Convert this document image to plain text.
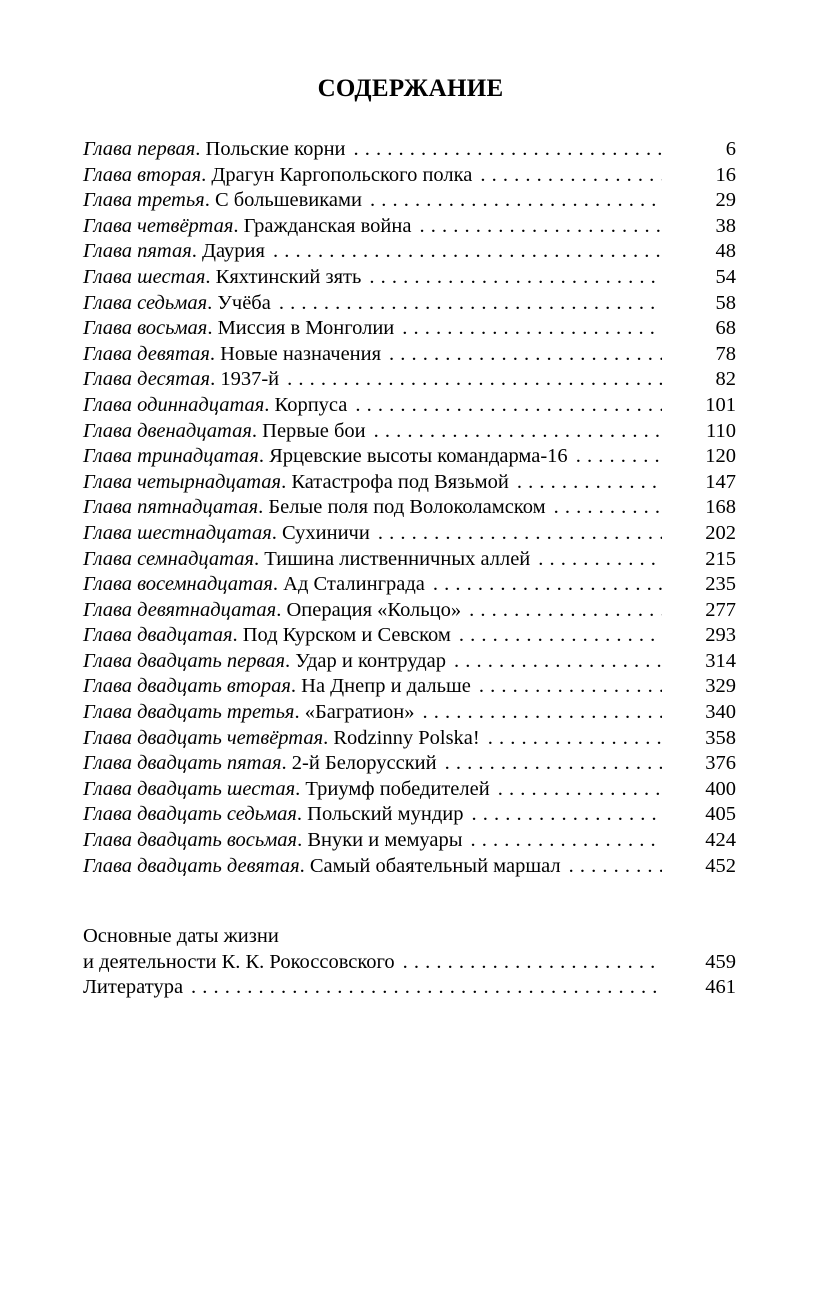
СОДЕРЖАНИЕ
Глава первая. Польские корни . . .	6
Глава вторая. Драгун Каргопольского полка . . .	16
Глава третья. С большевиками . . .	29
Глава четвёртая. Гражданская война . . .	38
Глава пятая. Даурия . . .	48
Глава шестая. Кяхтинский зять . . .	54
Глава седьмая. Учёба . . .	58
Глава восьмая. Миссия в Монголии . . .	68
Глава девятая. Новые назначения . . .	78
Глава десятая. 1937-й . . .	82
Глава одиннадцатая. Корпуса . . .	101
Глава двенадцатая. Первые бои . . .	110
Глава тринадцатая. Ярцевские высоты командарма-16 . . .	120
Глава четырнадцатая. Катастрофа под Вязьмой . . .	147
Глава пятнадцатая. Белые поля под Волоколамском . . .	168
Глава шестнадцатая. Сухиничи . . .	202
Глава семнадцатая. Тишина лиственничных аллей . . .	215
Глава восемнадцатая. Ад Сталинграда . . .	235
Глава девятнадцатая. Операция «Кольцо» . . .	277
Глава двадцатая. Под Курском и Севском . . .	293
Глава двадцать первая. Удар и контрудар . . .	314
Глава двадцать вторая. На Днепр и дальше . . .	329
Глава двадцать третья. «Багратион» . . .	340
Глава двадцать четвёртая. Rodzinny Polska! . . .	358
Глава двадцать пятая. 2-й Белорусский . . .	376
Глава двадцать шестая. Триумф победителей . . .	400
Глава двадцать седьмая. Польский мундир . . .	405
Глава двадцать восьмая. Внуки и мемуары . . .	424
Глава двадцать девятая. Самый обаятельный маршал . . .	452
Основные даты жизни
и деятельности К. К. Рокоссовского . . .	459
Литература . . .	461
